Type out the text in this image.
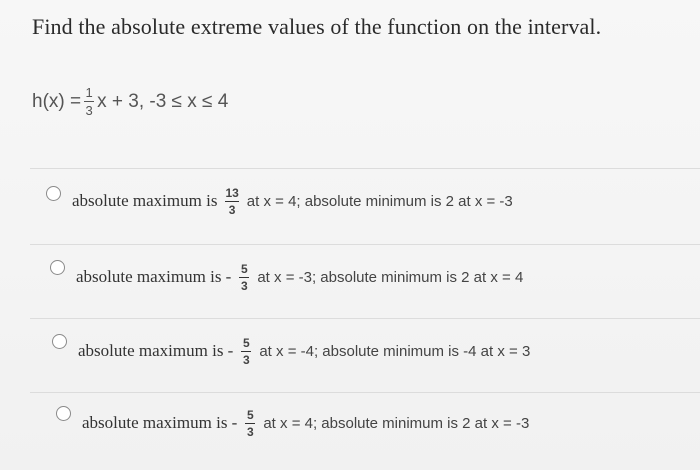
Find the absolute extreme values of the function on the interval.
$h(x) = \frac{1}{3}$ x + 3, -3 ≤ x ≤ 4
absolute maximum is $\frac{13}{3}$ at x = 4; absolute minimum is 2 at x = -3
absolute maximum is - $\frac{5}{3}$ at x = -3; absolute minimum is 2 at x = 4
absolute maximum is - $\frac{5}{3}$ at x = -4; absolute minimum is -4 at x = 3
absolute maximum is - $\frac{5}{3}$ at x = 4; absolute minimum is 2 at x = -3
